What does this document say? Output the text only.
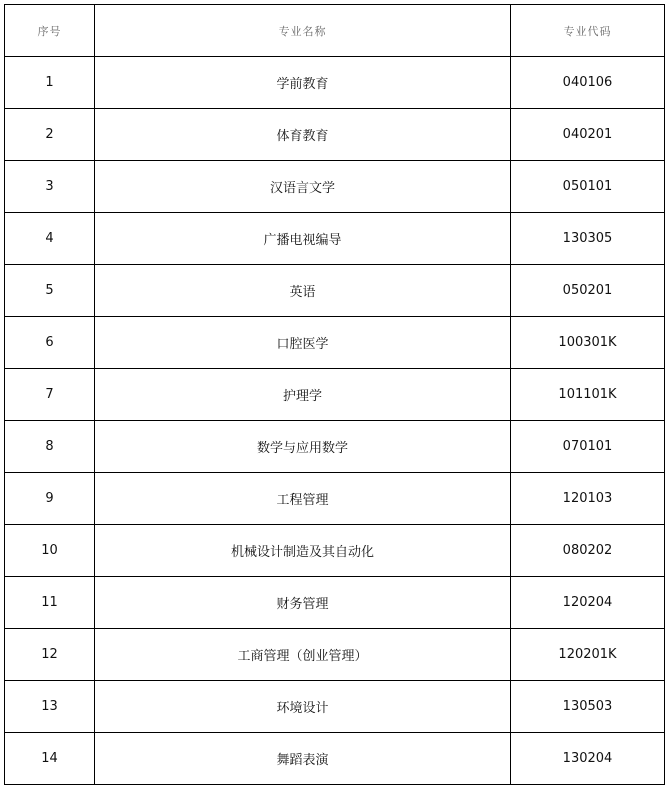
序号	专业名称	专业代码
1	学前教育	040106
2	体育教育	040201
3	汉语言文学	050101
4	广播电视编导	130305
5	英语	050201
6	口腔医学	100301K
7	护理学	101101K
8	数学与应用数学	070101
9	工程管理	120103
10	机械设计制造及其自动化	080202
11	财务管理	120204
12	工商管理（创业管理）	120201K
13	环境设计	130503
14	舞蹈表演	130204
